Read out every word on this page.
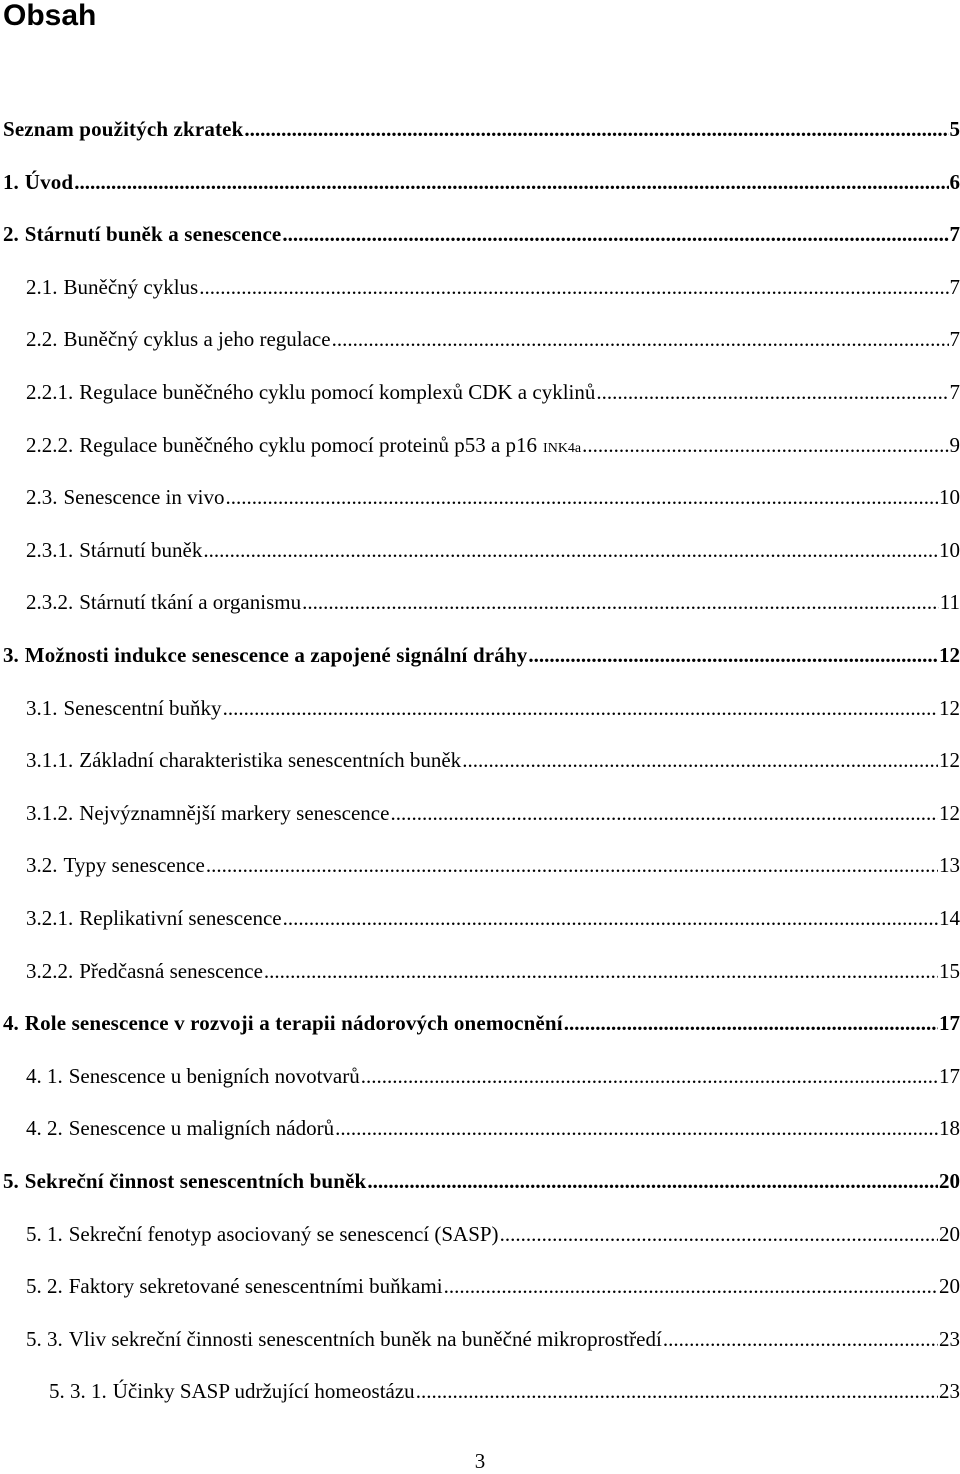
Obsah
Seznam použitých zkratek .....	5
1. Úvod .....	6
2. Stárnutí buněk a senescence .....	7
2.1. Buněčný cyklus .....	7
2.2. Buněčný cyklus a jeho regulace .....	7
2.2.1. Regulace buněčného cyklu pomocí komplexů CDK a cyklinů .....	7
2.2.2. Regulace buněčného cyklu pomocí proteinů p53 a p16 INK4a .....	9
2.3. Senescence in vivo .....	10
2.3.1. Stárnutí buněk .....	10
2.3.2. Stárnutí tkání a organismu .....	11
3. Možnosti indukce senescence a zapojené signální dráhy .....	12
3.1. Senescentní buňky .....	12
3.1.1. Základní charakteristika senescentních buněk .....	12
3.1.2. Nejvýznamnější markery senescence .....	12
3.2. Typy senescence .....	13
3.2.1. Replikativní senescence .....	14
3.2.2. Předčasná senescence .....	15
4. Role senescence v rozvoji a terapii nádorových onemocnění .....	17
4. 1. Senescence u benigních novotvarů .....	17
4. 2. Senescence u maligních nádorů .....	18
5. Sekreční činnost senescentních buněk .....	20
5. 1. Sekreční fenotyp asociovaný se senescencí (SASP) .....	20
5. 2. Faktory sekretované senescentními buňkami .....	20
5. 3. Vliv sekreční činnosti senescentních buněk na buněčné mikroprostředí .....	23
5. 3. 1. Účinky SASP udržující homeostázu .....	23
3
